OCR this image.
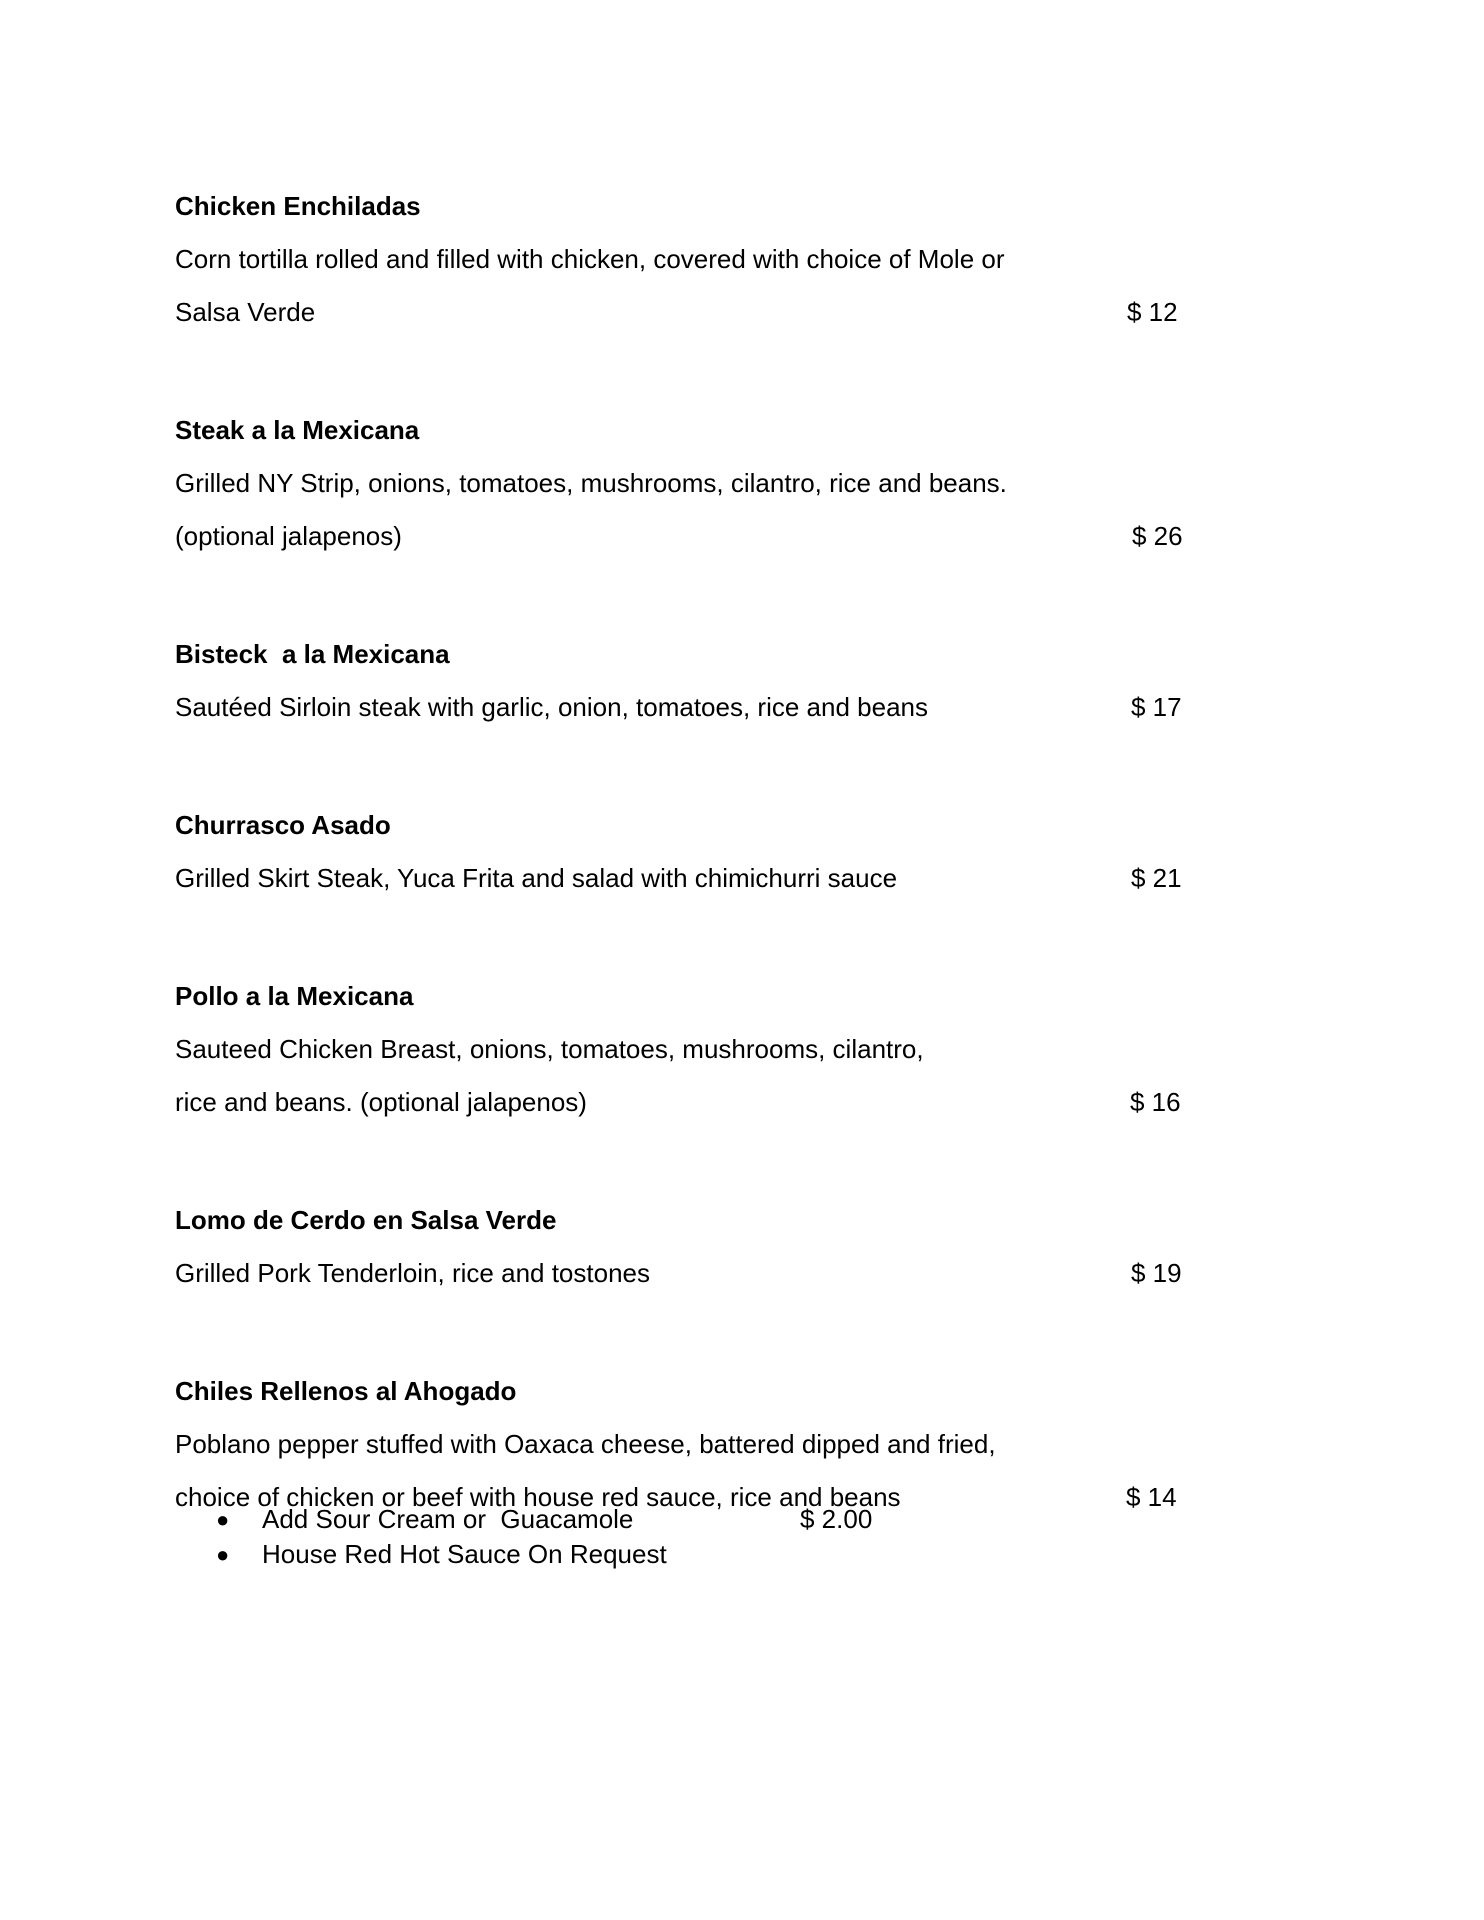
Chicken Enchiladas
Corn tortilla rolled and filled with chicken, covered with choice of Mole or
Salsa Verde	$ 12
Steak a la Mexicana
Grilled NY Strip, onions, tomatoes, mushrooms, cilantro, rice and beans.
(optional jalapenos)	$ 26
Bisteck  a la Mexicana
Sautéed Sirloin steak with garlic, onion, tomatoes, rice and beans	$ 17
Churrasco Asado
Grilled Skirt Steak, Yuca Frita and salad with chimichurri sauce	$ 21
Pollo a la Mexicana
Sauteed Chicken Breast, onions, tomatoes, mushrooms, cilantro,
rice and beans. (optional jalapenos)	$ 16
Lomo de Cerdo en Salsa Verde
Grilled Pork Tenderloin, rice and tostones	$ 19
Chiles Rellenos al Ahogado
Poblano pepper stuffed with Oaxaca cheese, battered dipped and fried,
choice of chicken or beef with house red sauce, rice and beans	$ 14
● Add Sour Cream or  Guacamole	$ 2.00
● House Red Hot Sauce On Request
